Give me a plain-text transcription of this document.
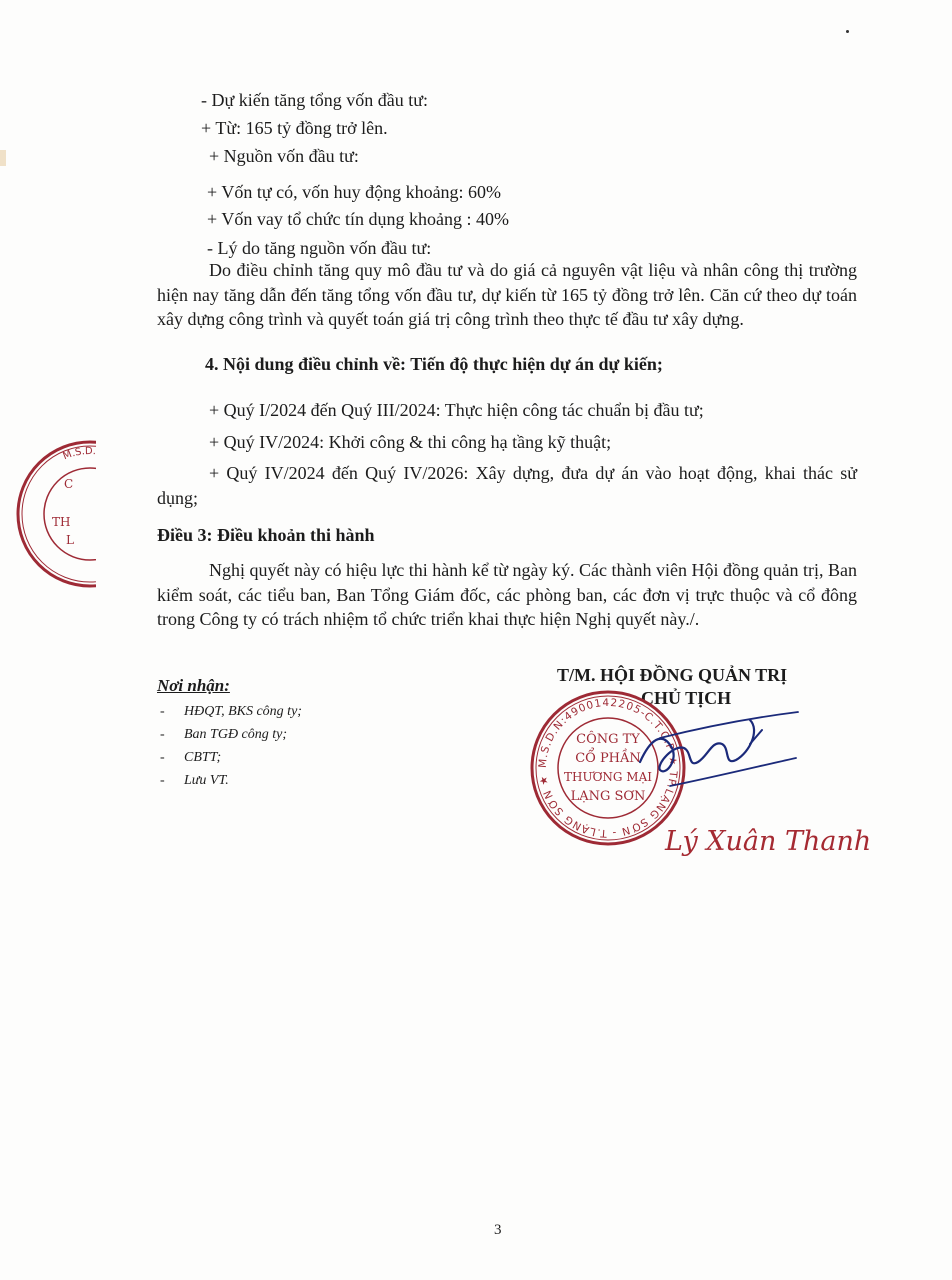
- Dự kiến tăng tổng vốn đầu tư:
+ Từ: 165 tỷ đồng trở lên.
+ Nguồn vốn đầu tư:
+ Vốn tự có, vốn huy động khoảng: 60%
+ Vốn vay tổ chức tín dụng khoảng : 40%
- Lý do tăng nguồn vốn đầu tư:
Do điều chỉnh tăng quy mô đầu tư và do giá cả nguyên vật liệu và nhân công thị trường hiện nay tăng dẫn đến tăng tổng vốn đầu tư, dự kiến từ 165 tỷ đồng trở lên. Căn cứ theo dự toán xây dựng công trình và quyết toán giá trị công trình theo thực tế đầu tư xây dựng.
4. Nội dung điều chỉnh về: Tiến độ thực hiện dự án dự kiến;
+ Quý I/2024 đến Quý III/2024: Thực hiện công tác chuẩn bị đầu tư;
+ Quý IV/2024: Khởi công & thi công hạ tầng kỹ thuật;
+ Quý IV/2024 đến Quý IV/2026: Xây dựng, đưa dự án vào hoạt động, khai thác sử dụng;
Điều 3: Điều khoản thi hành
Nghị quyết này có hiệu lực thi hành kể từ ngày ký. Các thành viên Hội đồng quản trị, Ban kiểm soát, các tiểu ban, Ban Tổng Giám đốc, các phòng ban, các đơn vị trực thuộc và cổ đông trong Công ty có trách nhiệm tổ chức triển khai thực hiện Nghị quyết này./.
Nơi nhận:
- HĐQT, BKS công ty;
- Ban TGĐ công ty;
- CBTT;
- Lưu VT.
T/M. HỘI ĐỒNG QUẢN TRỊ
CHỦ TỊCH
M.S.D.N:4900142205-C.T.C.P ★ TP.LẠNG SƠN - T.LẠNG SƠN ★
CÔNG TY
CỔ PHẦN
THƯƠNG MẠI
LẠNG SƠN
Lý Xuân Thanh
M.S.D.
C
TH
L
3
